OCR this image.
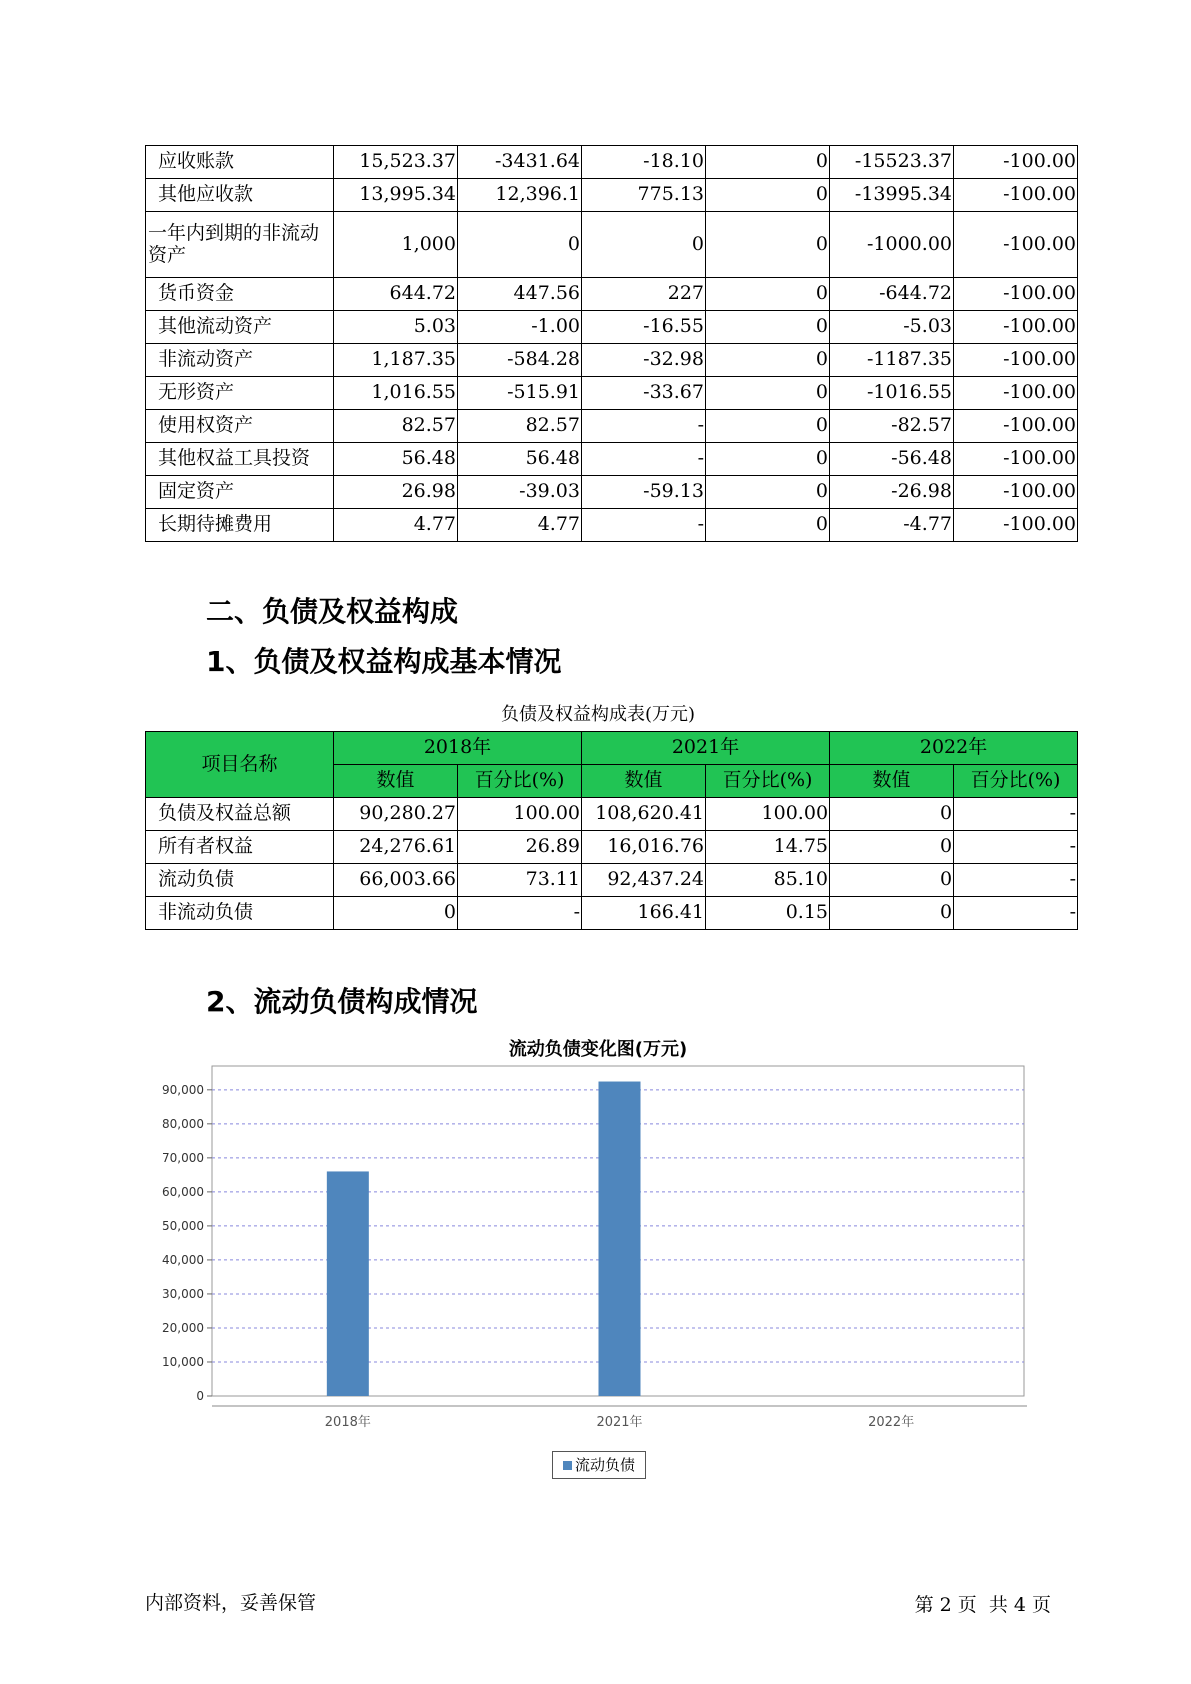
应收账款	15,523.37	-3431.64	-18.10	0	-15523.37	-100.00
其他应收款	13,995.34	12,396.1	775.13	0	-13995.34	-100.00
一年内到期的非流动资产	1,000	0	0	0	-1000.00	-100.00
货币资金	644.72	447.56	227	0	-644.72	-100.00
其他流动资产	5.03	-1.00	-16.55	0	-5.03	-100.00
非流动资产	1,187.35	-584.28	-32.98	0	-1187.35	-100.00
无形资产	1,016.55	-515.91	-33.67	0	-1016.55	-100.00
使用权资产	82.57	82.57	-	0	-82.57	-100.00
其他权益工具投资	56.48	56.48	-	0	-56.48	-100.00
固定资产	26.98	-39.03	-59.13	0	-26.98	-100.00
长期待摊费用	4.77	4.77	-	0	-4.77	-100.00
二、负债及权益构成
1、负债及权益构成基本情况
负债及权益构成表(万元)
项目名称	2018年		2021年		2022年	
	数值	百分比(%)	数值	百分比(%)	数值	百分比(%)
负债及权益总额	90,280.27	100.00	108,620.41	100.00	0	-
所有者权益	24,276.61	26.89	16,016.76	14.75	0	-
流动负债	66,003.66	73.11	92,437.24	85.10	0	-
非流动负债	0	-	166.41	0.15	0	-
2、流动负债构成情况
流动负债变化图(万元)
0
10,000
20,000
30,000
40,000
50,000
60,000
70,000
80,000
90,000
2018年	2021年	2022年
流动负债
内部资料，妥善保管	第 2 页  共 4 页
